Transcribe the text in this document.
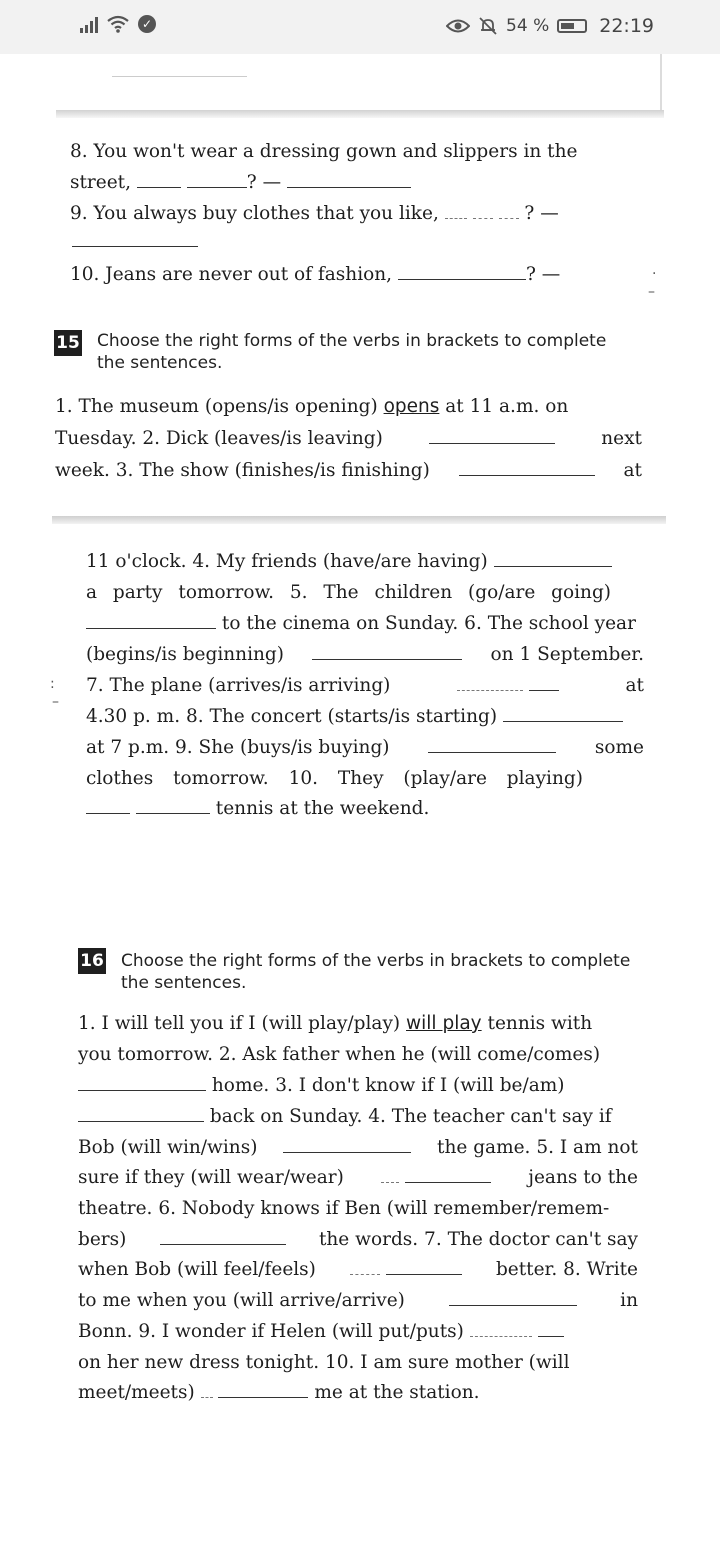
✓	54 %	22:19
8. You won't wear a dressing gown and slippers in the
street,	? —
9. You always buy clothes that you like,	? —
10. Jeans are never out of fashion,	? —	·
–
15 Choose the right forms of the verbs in brackets to complete
the sentences.
1. The museum (opens/is opening) opens at 11 a.m. on
Tuesday. 2. Dick (leaves/is leaving)	next
week. 3. The show (finishes/is finishing)	at
11 o'clock. 4. My friends (have/are having)
a party tomorrow. 5. The children (go/are going)
to the cinema on Sunday. 6. The school year
(begins/is beginning)	on 1 September.
:
–
7. The plane (arrives/is arriving)
	at
4.30 p. m. 8. The concert (starts/is starting)
at 7 p.m. 9. She (buys/is buying)	some
clothes tomorrow. 10. They (play/are playing)
tennis at the weekend.
16 Choose the right forms of the verbs in brackets to complete
the sentences.
1. I will tell you if I (will play/play) will play tennis with
you tomorrow. 2. Ask father when he (will come/comes)
home. 3. I don't know if I (will be/am)
back on Sunday. 4. The teacher can't say if
Bob (will win/wins)	the game. 5. I am not
sure if they (will wear/wear)
	jeans to the
theatre. 6. Nobody knows if Ben (will remember/remem-
bers)	the words. 7. The doctor can't say
when Bob (will feel/feels)
	better. 8. Write
to me when you (will arrive/arrive)	in
Bonn. 9. I wonder if Helen (will put/puts)
on her new dress tonight. 10. I am sure mother (will
meet/meets)	me at the station.
